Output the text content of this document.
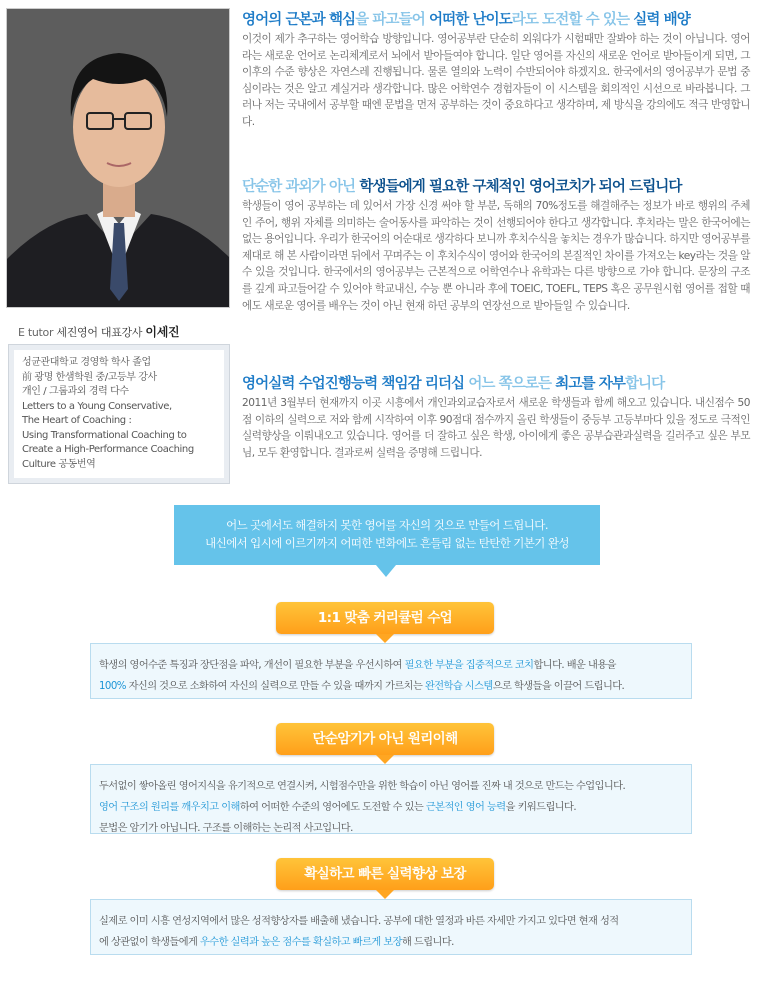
E tutor 세진영어 대표강사 이세진
성균관대학교 경영학 학사 졸업
前 광명 한샘학원 중/고등부 강사
개인 / 그룹과외 경력 다수
Letters to a Young Conservative,
The Heart of Coaching :
Using Transformational Coaching to
Create a High-Performance Coaching
Culture 공동번역
영어의 근본과 핵심을 파고들어 어떠한 난이도라도 도전할 수 있는 실력 배양

이것이 제가 추구하는 영어학습 방향입니다. 영어공부란 단순히 외워다가 시험때만 잘봐야 하는 것이 아닙니다. 영어라는 새로운 언어로 논리체계로서 뇌에서 받아들여야 합니다. 일단 영어를 자신의 새로운 언어로 받아들이게 되면, 그 이후의 수준 향상은 자연스레 진행됩니다. 물론 열의와 노력이 수반되어야 하겠지요. 한국에서의 영어공부가 문법 중심이라는 것은 알고 계실거라 생각합니다. 많은 어학연수 경험자들이 이 시스템을 회의적인 시선으로 바라봅니다. 그러나 저는 국내에서 공부할 때엔 문법을 먼저 공부하는 것이 중요하다고 생각하며, 제 방식을 강의에도 적극 반영합니다.

단순한 과외가 아닌 학생들에게 필요한 구체적인 영어코치가 되어 드립니다

학생들이 영어 공부하는 데 있어서 가장 신경 써야 할 부분, 독해의 70%정도를 해결해주는 정보가 바로 행위의 주체인 주어, 행위 자체를 의미하는 술어동사를 파악하는 것이 선행되어야 한다고 생각합니다. 후치라는 말은 한국어에는 없는 용어입니다. 우리가 한국어의 어순대로 생각하다 보니까 후치수식을 놓치는 경우가 많습니다. 하지만 영어공부를 제대로 해 본 사람이라면 뒤에서 꾸며주는 이 후치수식이 영어와 한국어의 본질적인 차이를 가져오는 key라는 것을 알 수 있을 것입니다. 한국에서의 영어공부는 근본적으로 어학연수나 유학과는 다른 방향으로 가야 합니다. 문장의 구조를 깊게 파고들어갈 수 있어야 학교내신, 수능 뿐 아니라 후에 TOEIC, TOEFL, TEPS 혹은 공무원시험 영어를 접할 때에도 새로운 영어를 배우는 것이 아닌 현재 하던 공부의 연장선으로 받아들일 수 있습니다.

영어실력 수업진행능력 책임감 리더십 어느 쪽으로든 최고를 자부합니다

2011년 3월부터 현재까지 이곳 시흥에서 개인과외교습자로서 새로운 학생들과 함께 해오고 있습니다. 내신점수 50점 이하의 실력으로 저와 함께 시작하여 이후 90점대 점수까지 올린 학생들이 중등부 고등부마다 있을 정도로 극적인 실력향상을 이뤄내오고 있습니다. 영어를 더 잘하고 싶은 학생, 아이에게 좋은 공부습관과실력을 길러주고 싶은 부모님, 모두 환영합니다. 결과로써 실력을 증명해 드립니다.

어느 곳에서도 해결하지 못한 영어를 자신의 것으로 만들어 드립니다.
내신에서 입시에 이르기까지 어떠한 변화에도 흔들림 없는 탄탄한 기본기 완성
1:1 맞춤 커리큘럼 수업
학생의 영어수준 특징과 장단점을 파악, 개선이 필요한 부분을 우선시하여 필요한 부분을 집중적으로 코치합니다. 배운 내용을
100% 자신의 것으로 소화하여 자신의 실력으로 만들 수 있을 때까지 가르치는 완전학습 시스템으로 학생들을 이끌어 드립니다.
단순암기가 아닌 원리이해
두서없이 쌓아올린 영어지식을 유기적으로 연결시켜, 시험점수만을 위한 학습이 아닌 영어를 진짜 내 것으로 만드는 수업입니다.
영어 구조의 원리를 깨우치고 이해하여 어떠한 수준의 영어에도 도전할 수 있는 근본적인 영어 능력을 키워드립니다.
문법은 암기가 아닙니다. 구조를 이해하는 논리적 사고입니다.
확실하고 빠른 실력향상 보장
실제로 이미 시흥 연성지역에서 많은 성적향상자를 배출해 냈습니다. 공부에 대한 열정과 바른 자세만 가지고 있다면 현재 성적
에 상관없이 학생들에게 우수한 실력과 높은 점수를 확실하고 빠르게 보장해 드립니다.
